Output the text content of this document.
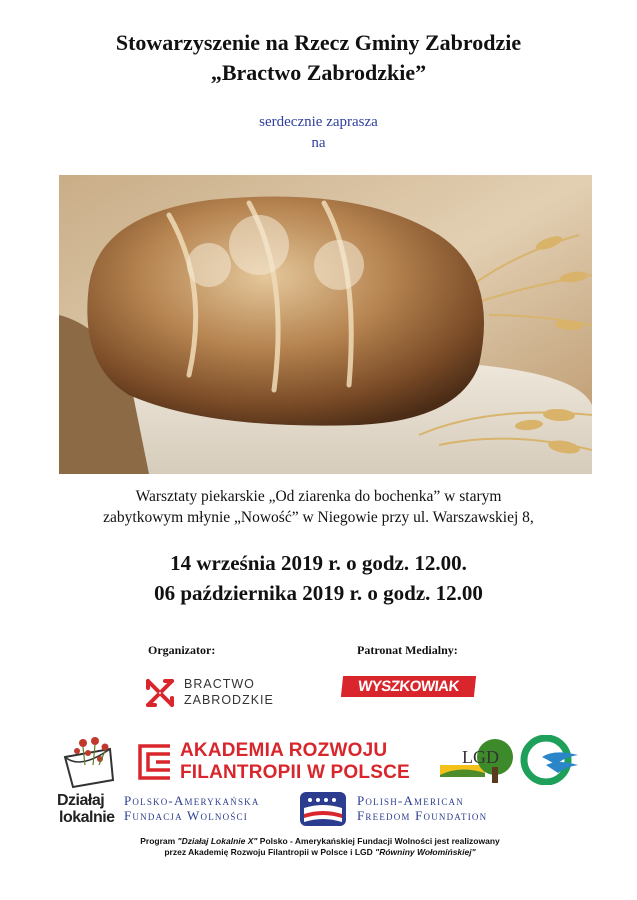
Stowarzyszenie na Rzecz Gminy Zabrodzie
„Bractwo Zabrodzkie”
serdecznie zaprasza
na
Warsztaty piekarskie „Od ziarenka do bochenka” w starym
zabytkowym młynie „Nowość” w Niegowie przy ul. Warszawskiej 8,
14 września 2019 r. o godz. 12.00.
06 października 2019 r. o godz. 12.00
Organizator:	Patronat Medialny:
BRACTWO
ZABRODZKIE
WYSZKOWIAK
Działaj
lokalnie
AKADEMIA ROZWOJU
FILANTROPII W POLSCE
LGD
Polsko-Amerykańska
Fundacja Wolności
Polish-American
Freedom Foundation
Program "Działaj Lokalnie X" Polsko - Amerykańskiej Fundacji Wolności jest realizowany
przez Akademię Rozwoju Filantropii w Polsce i LGD "Równiny Wołomińskiej"
